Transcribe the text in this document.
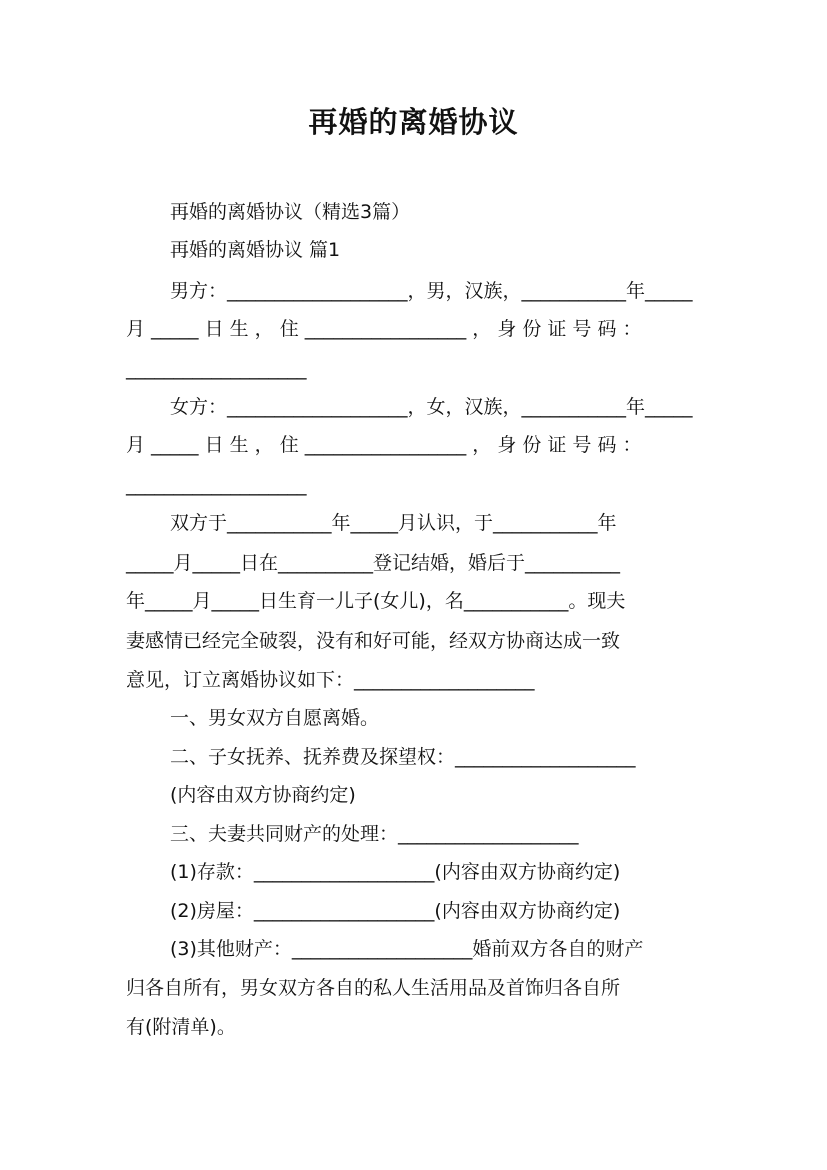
再婚的离婚协议
再婚的离婚协议（精选3篇）
再婚的离婚协议 篇1
男方：___________________，男，汉族，___________年_____
月 _____ 日 生 ， 住 _________________ ， 身 份 证 号 码 ：
___________________
女方：___________________，女，汉族，___________年_____
月 _____ 日 生 ， 住 _________________ ， 身 份 证 号 码 ：
___________________
双方于___________年_____月认识，于___________年
_____月_____日在__________登记结婚，婚后于__________
年_____月_____日生育一儿子(女儿)，名___________。现夫
妻感情已经完全破裂，没有和好可能，经双方协商达成一致
意见，订立离婚协议如下：___________________
一、男女双方自愿离婚。
二、子女抚养、抚养费及探望权：___________________
(内容由双方协商约定)
三、夫妻共同财产的处理：___________________
(1)存款：___________________(内容由双方协商约定)
(2)房屋：___________________(内容由双方协商约定)
(3)其他财产：___________________婚前双方各自的财产
归各自所有，男女双方各自的私人生活用品及首饰归各自所
有(附清单)。
